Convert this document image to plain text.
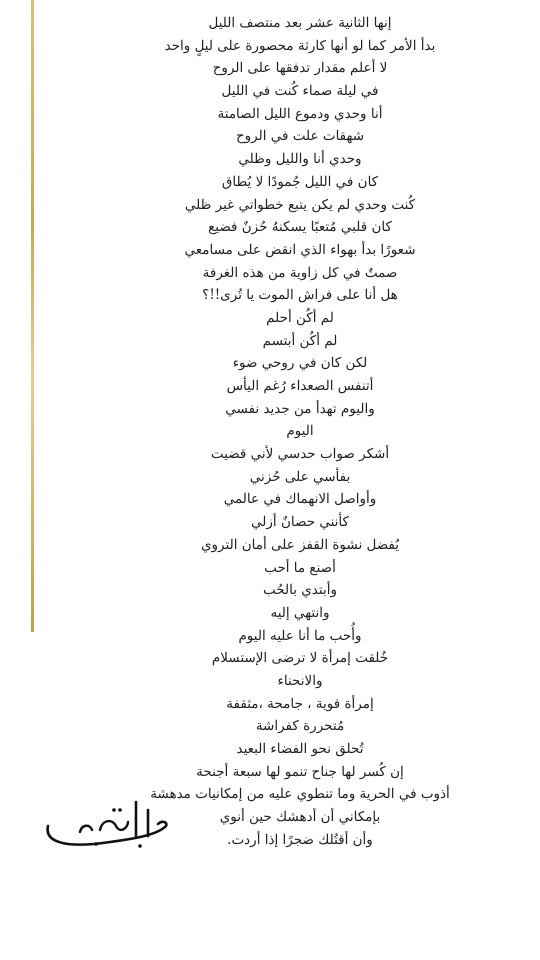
إنها الثانية عشر بعد منتصف الليل
بدأ الأمر كما لو أنها كارثة محصورة على ليلٍ واحد
لا أعلم مقدار تدفقها على الروح
في ليلة صماء كُنت في الليل
أنا وحدي ودموع الليل الصامتة
شهقات علت في الروح
وحدي أنا والليل وظلي
كان في الليل جُمودًا لا يُطاق
كُنت وحدي لم يكن يتبع خطواتي غير ظلي
كان قلبي مُتعبًا يسكنهُ حُزنٌ فضيع
شعورًا بدأ بهواء الذي انقض على مسامعي
صمتٌ في كل زاوية من هذه الغرفة
هل أنا على فراش الموت يا تُرى!!؟
لم أكُن أحلم
لم أكُن أبتسم
لكن كان في روحي ضوء
أتنفس الصعداء رُغم اليأس
واليوم تهدأ من جديد نفسي
اليوم
أشكر صواب حدسي لأني قضيت
بفأسي على حُزني
وأواصل الانهماك في عالمي
كأنني حصانٌ أزلي
يُفضل نشوة القفز على أمان التروي
أصنع ما أحب
وأبتدي بالحُب
وانتهي إليه
وأُحب ما أنا عليه اليوم
خُلقت إمرأة لا ترضى الإستسلام
والانحناء
إمرأة قوية ، جامحة ،مثقفة
مُتحررة كفراشة
تُحلق نحو الفضاء البعيد
إن كُسر لها جناح تنمو لها سبعة أجنحة
أذوب في الحرية وما تنطوي عليه من إمكانيات مدهشة
بإمكاني أن أدهشك حين أنوي
وأن أقتُلك ضجرًا إذا أردت.
